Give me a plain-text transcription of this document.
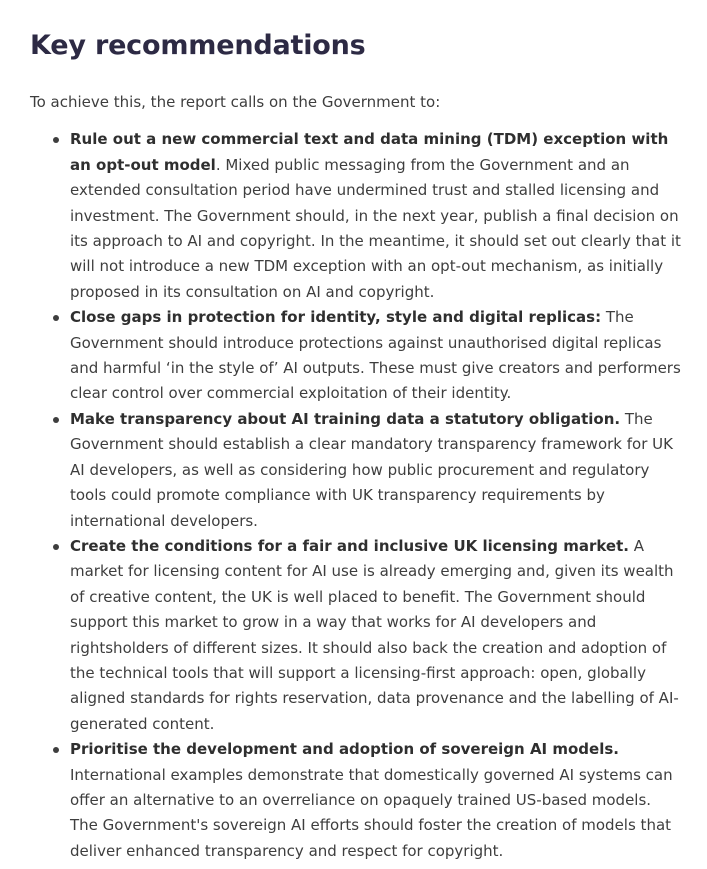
Key recommendations

To achieve this, the report calls on the Government to:

Rule out a new commercial text and data mining (TDM) exception with an opt-out model. Mixed public messaging from the Government and an extended consultation period have undermined trust and stalled licensing and investment. The Government should, in the next year, publish a final decision on its approach to AI and copyright. In the meantime, it should set out clearly that it will not introduce a new TDM exception with an opt-out mechanism, as initially proposed in its consultation on AI and copyright.
Close gaps in protection for identity, style and digital replicas: The Government should introduce protections against unauthorised digital replicas and harmful ‘in the style of’ AI outputs. These must give creators and performers clear control over commercial exploitation of their identity.
Make transparency about AI training data a statutory obligation. The Government should establish a clear mandatory transparency framework for UK AI developers, as well as considering how public procurement and regulatory tools could promote compliance with UK transparency requirements by international developers.
Create the conditions for a fair and inclusive UK licensing market. A market for licensing content for AI use is already emerging and, given its wealth of creative content, the UK is well placed to benefit. The Government should support this market to grow in a way that works for AI developers and rightsholders of different sizes. It should also back the creation and adoption of the technical tools that will support a licensing-first approach: open, globally aligned standards for rights reservation, data provenance and the labelling of AI-generated content.
Prioritise the development and adoption of sovereign AI models. International examples demonstrate that domestically governed AI systems can offer an alternative to an overreliance on opaquely trained US-based models. The Government's sovereign AI efforts should foster the creation of models that deliver enhanced transparency and respect for copyright.
